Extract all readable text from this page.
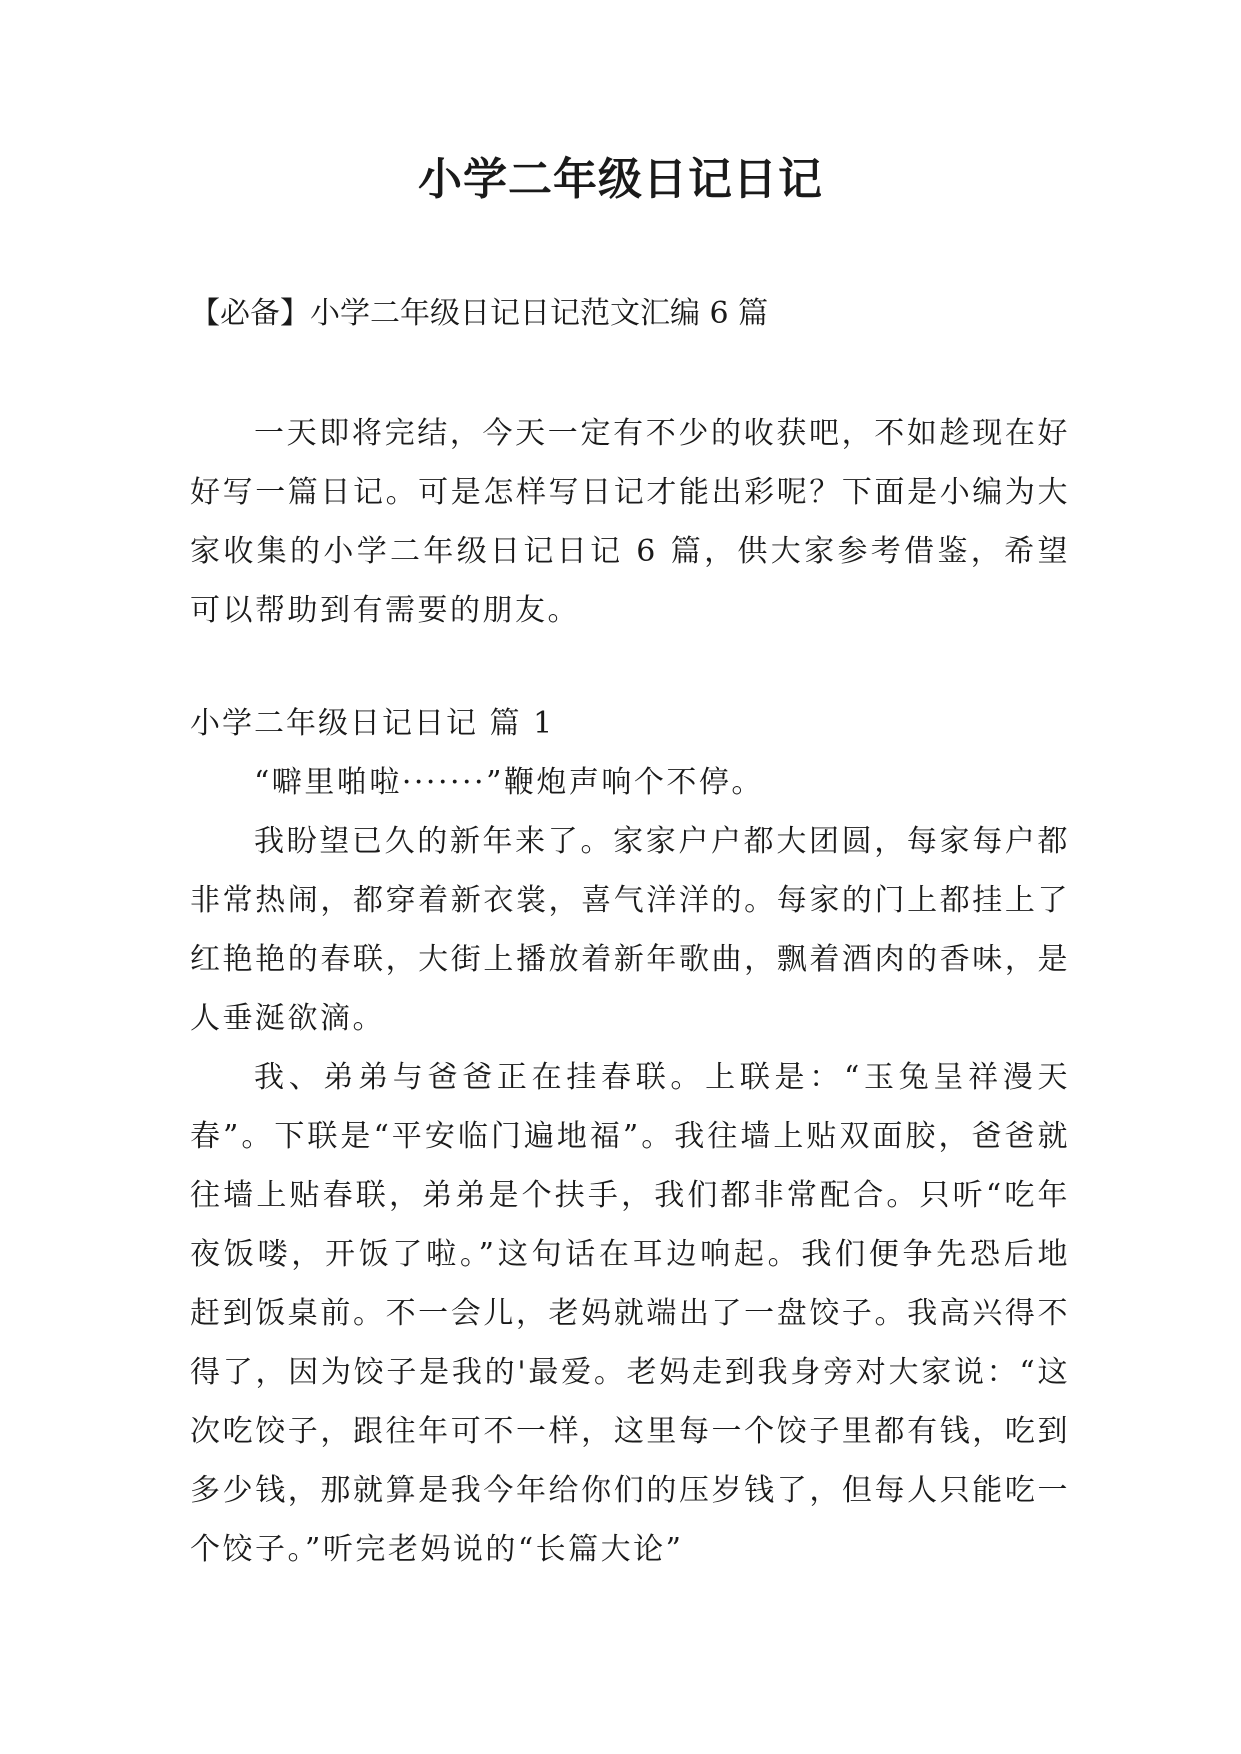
小学二年级日记日记
【必备】小学二年级日记日记范文汇编 6 篇

一天即将完结，今天一定有不少的收获吧，不如趁现在好好写一篇日记。可是怎样写日记才能出彩呢？下面是小编为大家收集的小学二年级日记日记 6 篇，供大家参考借鉴，希望可以帮助到有需要的朋友。

小学二年级日记日记 篇 1

“噼里啪啦·······”鞭炮声响个不停。

我盼望已久的新年来了。家家户户都大团圆，每家每户都非常热闹，都穿着新衣裳，喜气洋洋的。每家的门上都挂上了红艳艳的春联，大街上播放着新年歌曲，飘着酒肉的香味，是人垂涎欲滴。

我、弟弟与爸爸正在挂春联。上联是：“玉兔呈祥漫天春”。下联是“平安临门遍地福”。我往墙上贴双面胶，爸爸就往墙上贴春联，弟弟是个扶手，我们都非常配合。只听“吃年夜饭喽，开饭了啦。”这句话在耳边响起。我们便争先恐后地赶到饭桌前。不一会儿，老妈就端出了一盘饺子。我高兴得不得了，因为饺子是我的'最爱。老妈走到我身旁对大家说：“这次吃饺子，跟往年可不一样，这里每一个饺子里都有钱，吃到多少钱，那就算是我今年给你们的压岁钱了，但每人只能吃一个饺子。”听完老妈说的“长篇大论”
